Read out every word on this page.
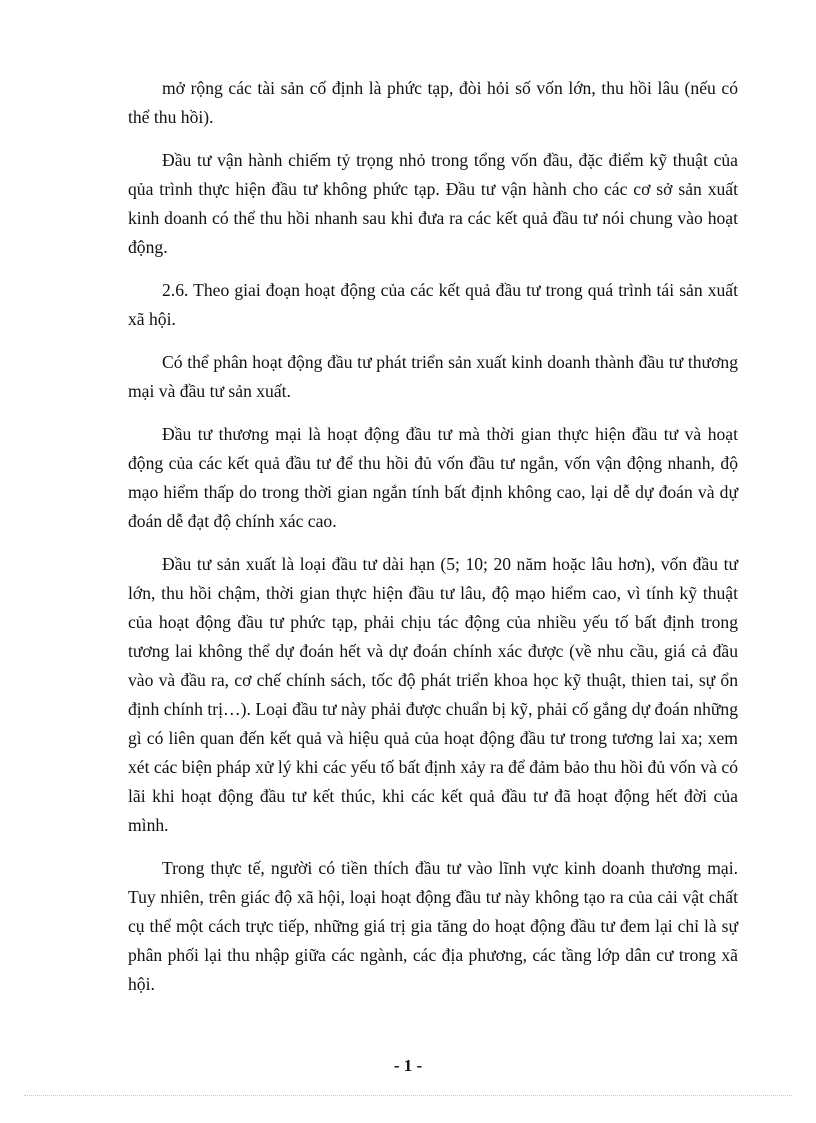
mở rộng các tài sản cố định là phức tạp, đòi hỏi số vốn lớn, thu hồi lâu (nếu có thể thu hồi).

Đầu tư vận hành chiếm tỷ trọng nhỏ trong tổng vốn đầu, đặc điểm kỹ thuật của qủa trình thực hiện đầu tư không phức tạp. Đầu tư vận hành cho các cơ sở sản xuất kinh doanh có thể thu hồi nhanh sau khi đưa ra các kết quả đầu tư nói chung vào hoạt động.

2.6. Theo giai đoạn hoạt động của các kết quả đầu tư trong quá trình tái sản xuất xã hội.

Có thể phân hoạt động đầu tư phát triển sản xuất kinh doanh thành đầu tư thương mại và đầu tư sản xuất.

Đầu tư thương mại là hoạt động đầu tư mà thời gian thực hiện đầu tư và hoạt động của các kết quả đầu tư để thu hồi đủ vốn đầu tư ngắn, vốn vận động nhanh, độ mạo hiểm thấp do trong thời gian ngắn tính bất định không cao, lại dễ dự đoán và dự đoán dễ đạt độ chính xác cao.

Đầu tư sản xuất là loại đầu tư dài hạn (5; 10; 20 năm hoặc lâu hơn), vốn đầu tư lớn, thu hồi chậm, thời gian thực hiện đầu tư lâu, độ mạo hiểm cao, vì tính kỹ thuật của hoạt động đầu tư phức tạp, phải chịu tác động của nhiều yếu tố bất định trong tương lai không thể dự đoán hết và dự đoán chính xác được (về nhu cầu, giá cả đầu vào và đầu ra, cơ chế chính sách, tốc độ phát triển khoa học kỹ thuật, thien tai, sự ổn định chính trị…). Loại đầu tư này phải được chuẩn bị kỹ, phải cố gắng dự đoán những gì có liên quan đến kết quả và hiệu quả của hoạt động đầu tư trong tương lai xa; xem xét các biện pháp xử lý khi các yếu tố bất định xảy ra để đảm bảo thu hồi đủ vốn và có lãi khi hoạt động đầu tư kết thúc, khi các kết quả đầu tư đã hoạt động hết đời của mình.

Trong thực tế, người có tiền thích đầu tư vào lĩnh vực kinh doanh thương mại. Tuy nhiên, trên giác độ xã hội, loại hoạt động đầu tư này không tạo ra của cải vật chất cụ thể một cách trực tiếp, những giá trị gia tăng do hoạt động đầu tư đem lại chỉ là sự phân phối lại thu nhập giữa các ngành, các địa phương, các tầng lớp dân cư trong xã hội.

- 1 -
